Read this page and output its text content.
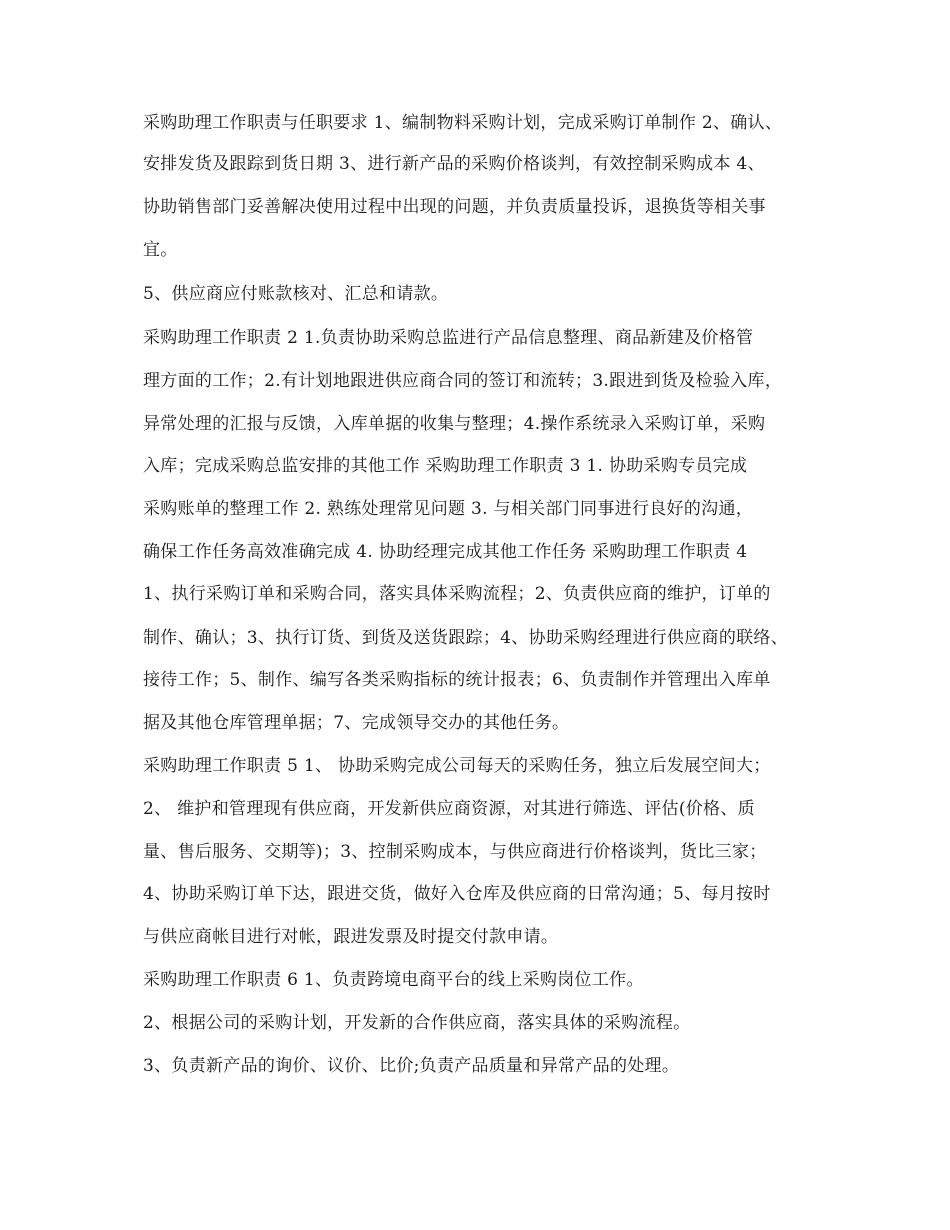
采购助理工作职责与任职要求 1、编制物料采购计划，完成采购订单制作 2、确认、
安排发货及跟踪到货日期 3、进行新产品的采购价格谈判，有效控制采购成本 4、
协助销售部门妥善解决使用过程中出现的问题，并负责质量投诉，退换货等相关事
宜。
5、供应商应付账款核对、汇总和请款。
采购助理工作职责 2 1.负责协助采购总监进行产品信息整理、商品新建及价格管
理方面的工作；2.有计划地跟进供应商合同的签订和流转；3.跟进到货及检验入库，
异常处理的汇报与反馈，入库单据的收集与整理；4.操作系统录入采购订单，采购
入库；完成采购总监安排的其他工作 采购助理工作职责 3 1. 协助采购专员完成
采购账单的整理工作 2. 熟练处理常见问题 3. 与相关部门同事进行良好的沟通，
确保工作任务高效准确完成 4. 协助经理完成其他工作任务 采购助理工作职责 4
1、执行采购订单和采购合同，落实具体采购流程；2、负责供应商的维护，订单的
制作、确认；3、执行订货、到货及送货跟踪；4、协助采购经理进行供应商的联络、
接待工作；5、制作、编写各类采购指标的统计报表；6、负责制作并管理出入库单
据及其他仓库管理单据；7、完成领导交办的其他任务。
采购助理工作职责 5 1、 协助采购完成公司每天的采购任务，独立后发展空间大；
2、 维护和管理现有供应商，开发新供应商资源，对其进行筛选、评估(价格、质
量、售后服务、交期等)；3、控制采购成本，与供应商进行价格谈判，货比三家；
4、协助采购订单下达，跟进交货，做好入仓库及供应商的日常沟通；5、每月按时
与供应商帐目进行对帐，跟进发票及时提交付款申请。
采购助理工作职责 6 1、负责跨境电商平台的线上采购岗位工作。
2、根据公司的采购计划，开发新的合作供应商，落实具体的采购流程。
3、负责新产品的询价、议价、比价;负责产品质量和异常产品的处理。
